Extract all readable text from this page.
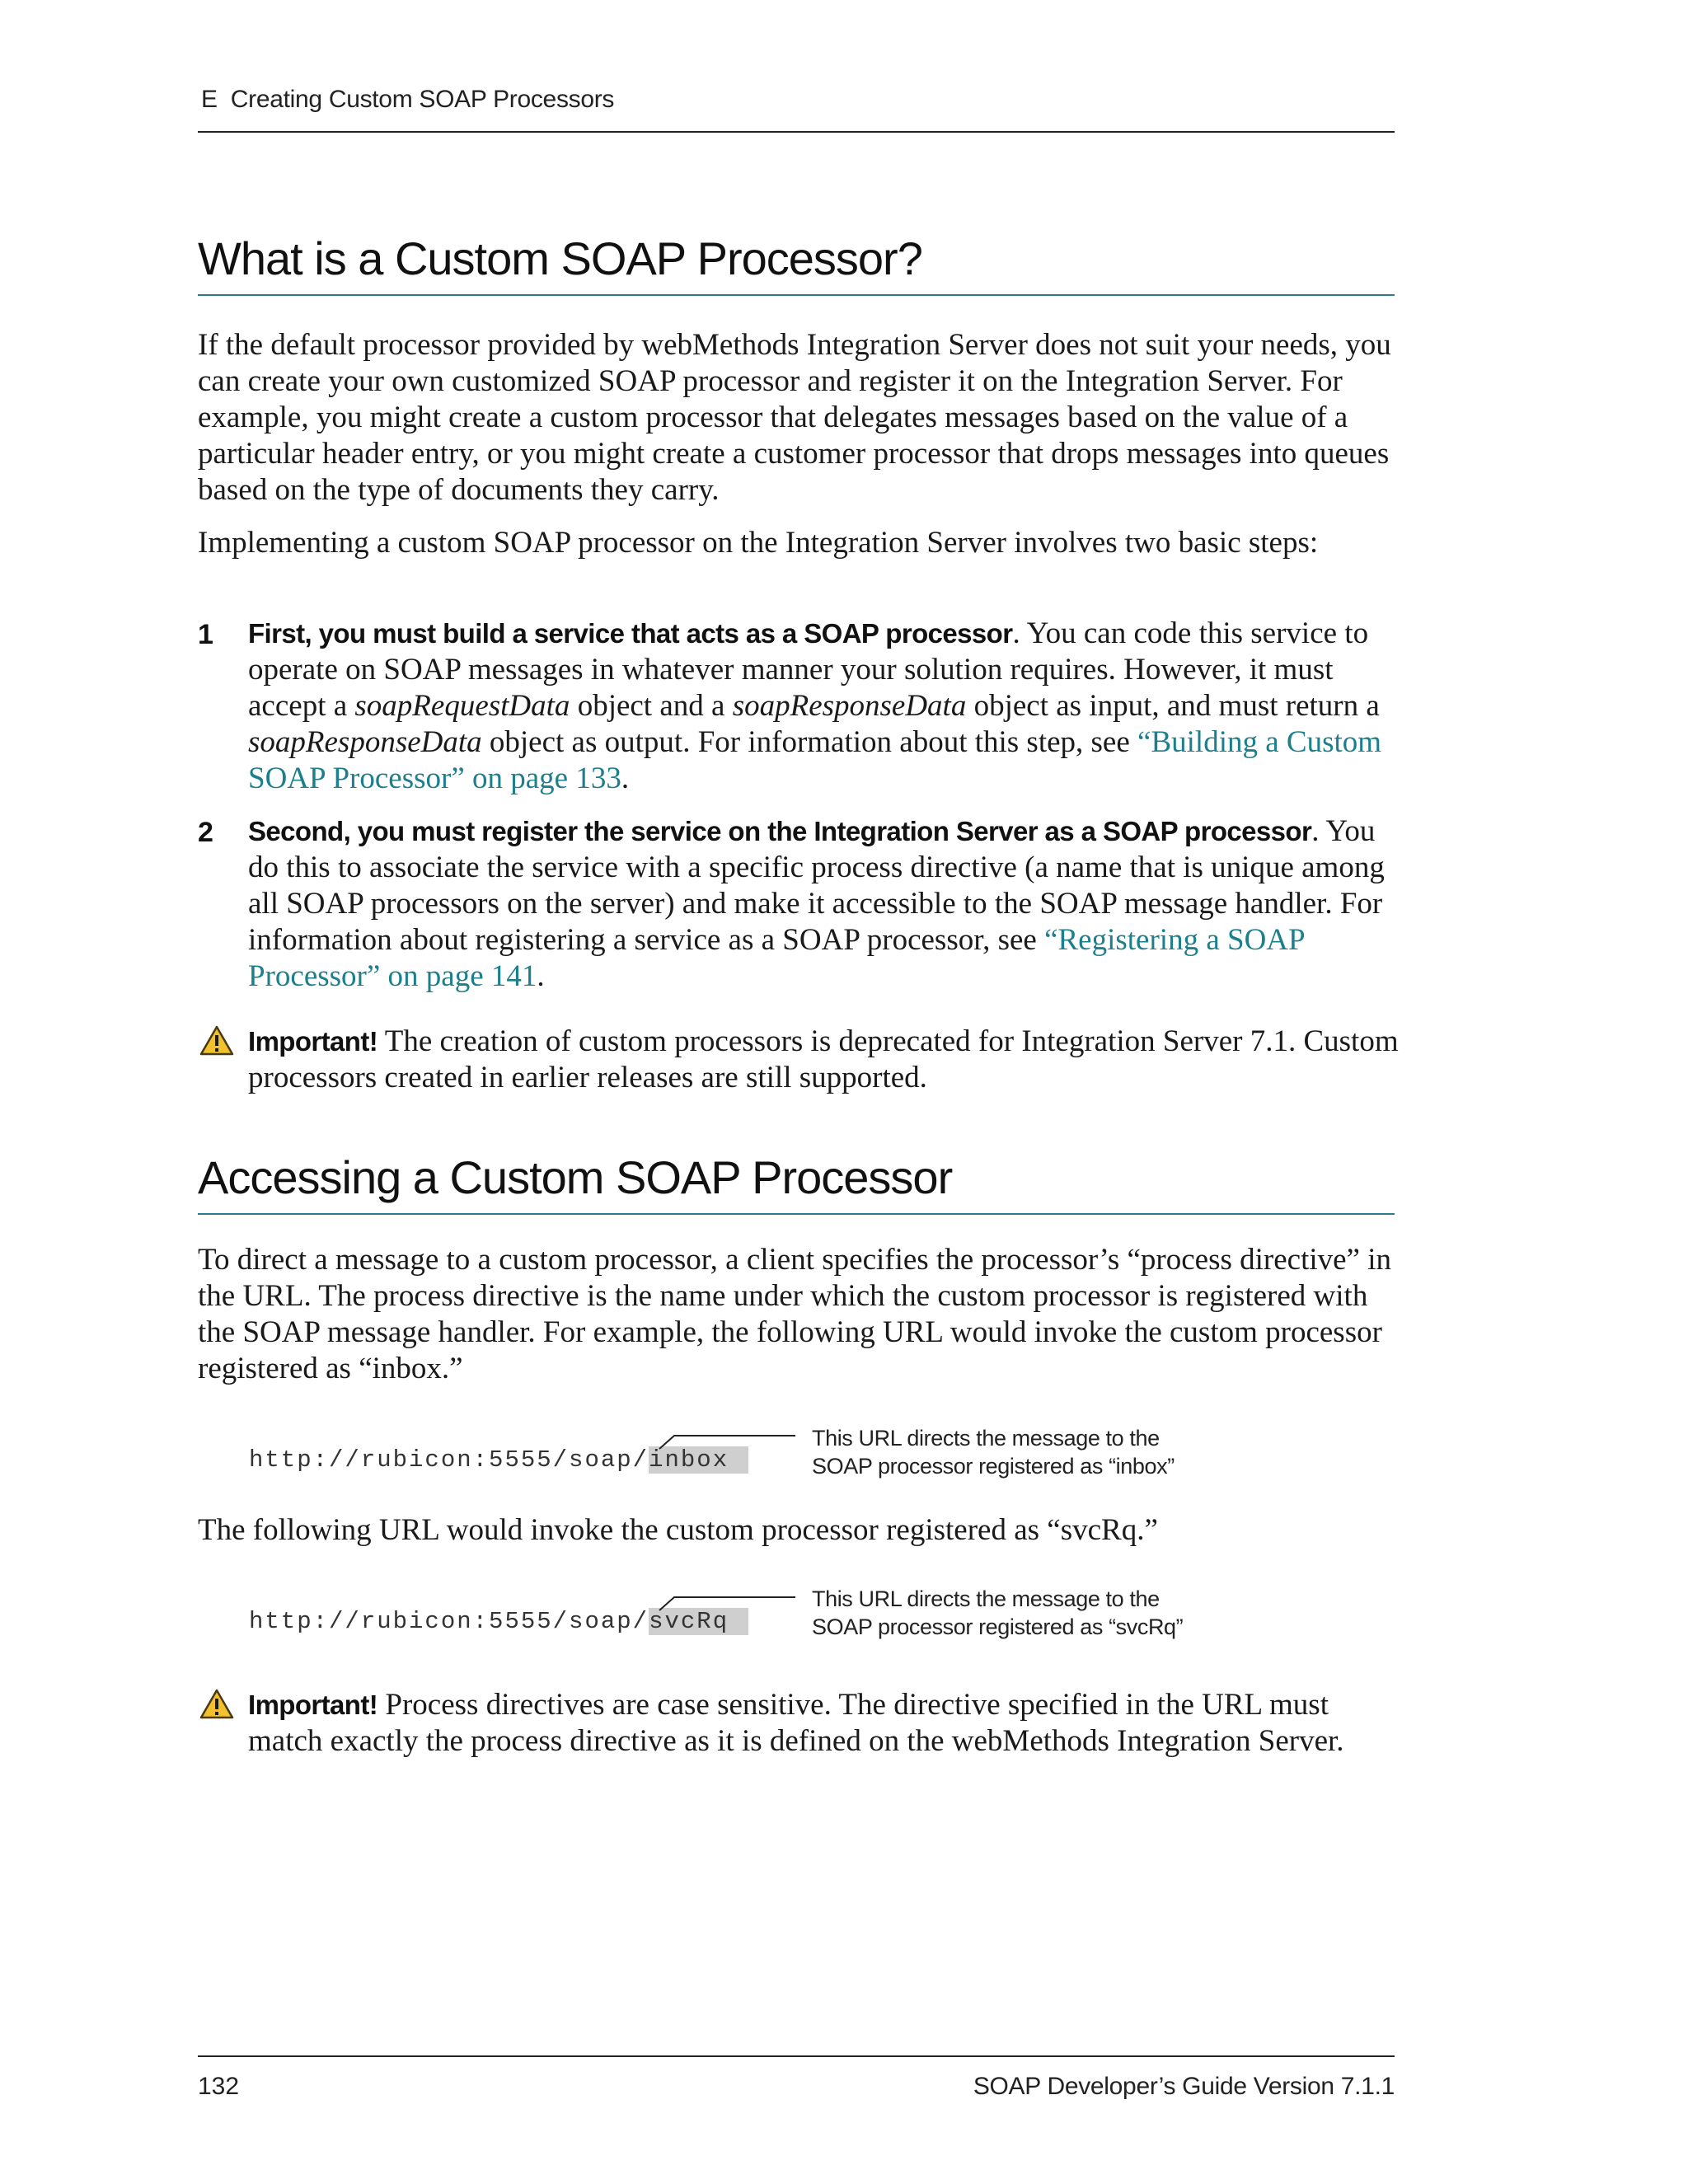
E Creating Custom SOAP Processors
What is a Custom SOAP Processor?

If the default processor provided by webMethods Integration Server does not suit your needs, you can create your own customized SOAP processor and register it on the Integration Server. For example, you might create a custom processor that delegates messages based on the value of a particular header entry, or you might create a customer processor that drops messages into queues based on the type of documents they carry.

Implementing a custom SOAP processor on the Integration Server involves two basic steps:

1 First, you must build a service that acts as a SOAP processor. You can code this service to operate on SOAP messages in whatever manner your solution requires. However, it must accept a soapRequestData object and a soapResponseData object as input, and must return a soapResponseData object as output. For information about this step, see “Building a Custom SOAP Processor” on page 133.

2 Second, you must register the service on the Integration Server as a SOAP processor. You do this to associate the service with a specific process directive (a name that is unique among all SOAP processors on the server) and make it accessible to the SOAP message handler. For information about registering a service as a SOAP processor, see “Registering a SOAP Processor” on page 141.

Important! The creation of custom processors is deprecated for Integration Server 7.1. Custom processors created in earlier releases are still supported.

Accessing a Custom SOAP Processor

To direct a message to a custom processor, a client specifies the processor’s “process directive” in the URL. The process directive is the name under which the custom processor is registered with the SOAP message handler. For example, the following URL would invoke the custom processor registered as “inbox.”

http://rubicon:5555/soap/inbox
This URL directs the message to the
SOAP processor registered as “inbox”

The following URL would invoke the custom processor registered as “svcRq.”

http://rubicon:5555/soap/svcRq
This URL directs the message to the
SOAP processor registered as “svcRq”

Important! Process directives are case sensitive. The directive specified in the URL must match exactly the process directive as it is defined on the webMethods Integration Server.

132	SOAP Developer’s Guide Version 7.1.1
